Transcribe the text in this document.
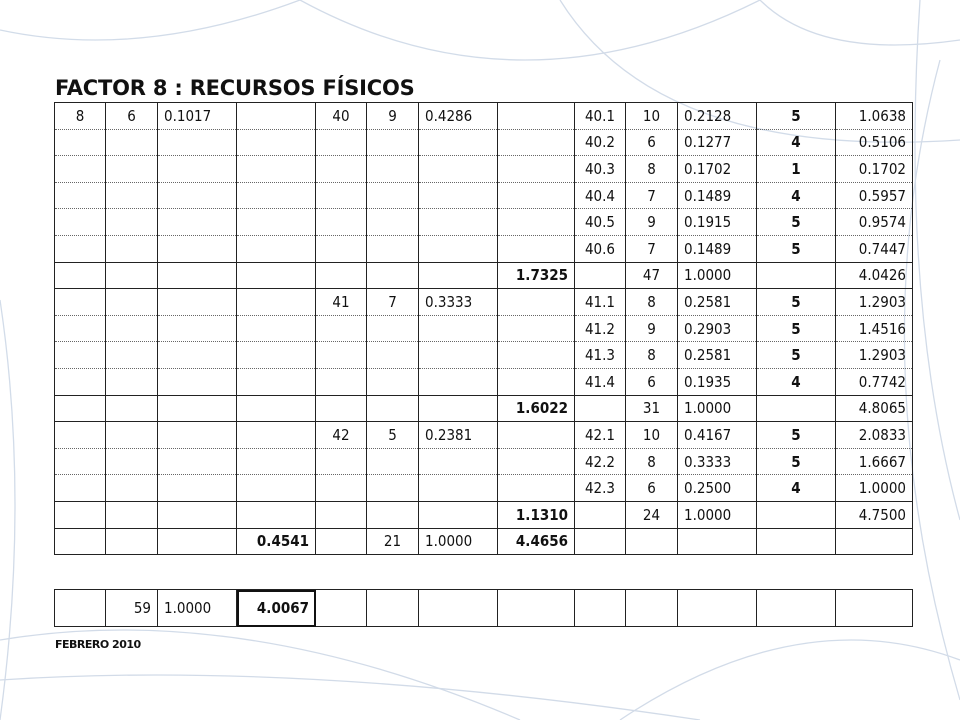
FACTOR 8 : RECURSOS FÍSICOS
8	6	0.1017		40	9	0.4286		40.1	10	0.2128	5	1.0638
								40.2	6	0.1277	4	0.5106
								40.3	8	0.1702	1	0.1702
								40.4	7	0.1489	4	0.5957
								40.5	9	0.1915	5	0.9574
								40.6	7	0.1489	5	0.7447
							1.7325		47	1.0000		4.0426
				41	7	0.3333		41.1	8	0.2581	5	1.2903
								41.2	9	0.2903	5	1.4516
								41.3	8	0.2581	5	1.2903
								41.4	6	0.1935	4	0.7742
							1.6022		31	1.0000		4.8065
				42	5	0.2381		42.1	10	0.4167	5	2.0833
								42.2	8	0.3333	5	1.6667
								42.3	6	0.2500	4	1.0000
							1.1310		24	1.0000		4.7500
			0.4541		21	1.0000	4.4656					
	59	1.0000	4.0067									
FEBRERO 2010
